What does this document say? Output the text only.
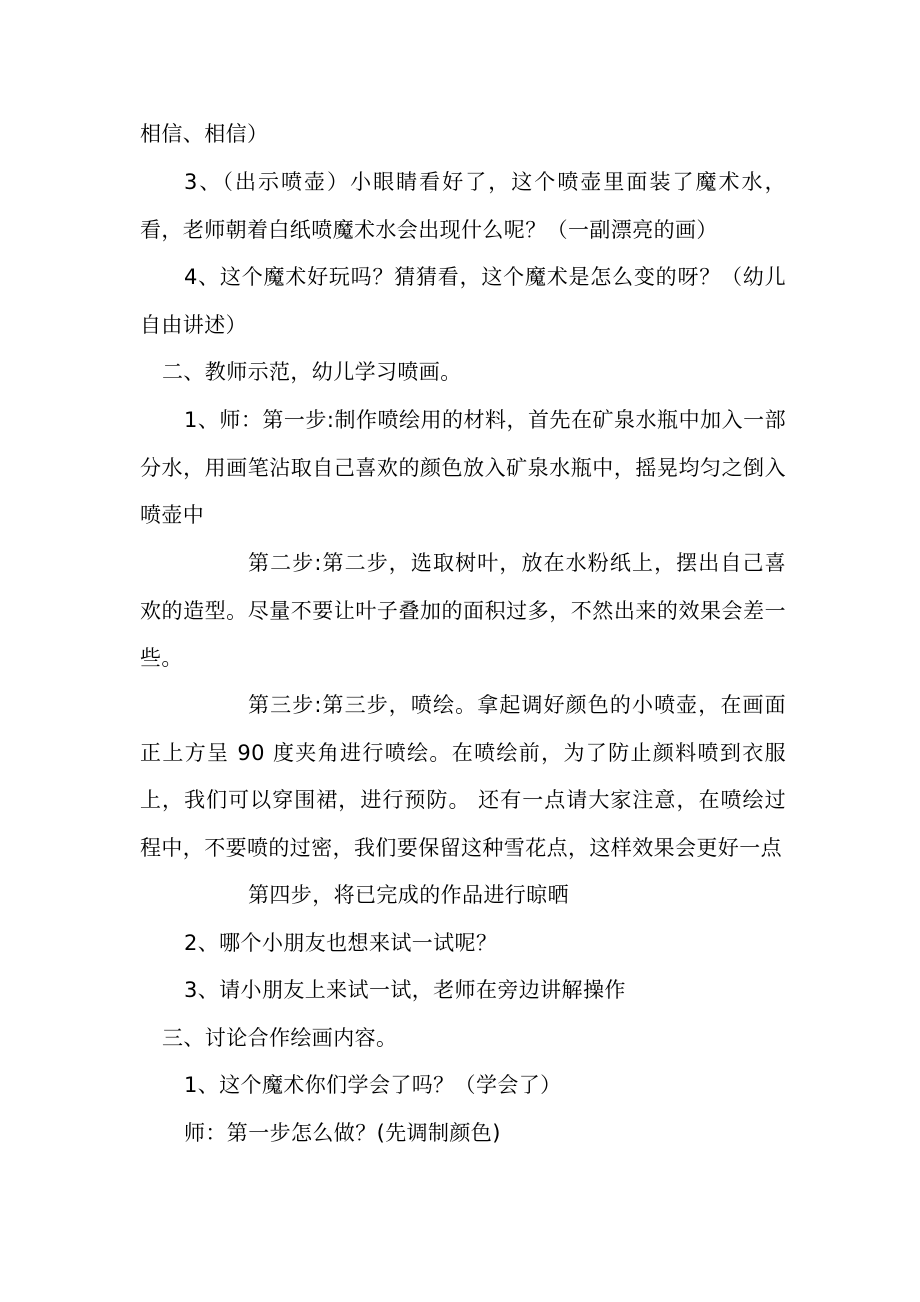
相信、相信）
3、（出示喷壶）小眼睛看好了，这个喷壶里面装了魔术水，看，老师朝着白纸喷魔术水会出现什么呢？（一副漂亮的画）
4、这个魔术好玩吗？猜猜看，这个魔术是怎么变的呀？（幼儿自由讲述）
二、教师示范，幼儿学习喷画。
1、师：第一步:制作喷绘用的材料，首先在矿泉水瓶中加入一部分水，用画笔沾取自己喜欢的颜色放入矿泉水瓶中，摇晃均匀之倒入喷壶中
第二步:第二步，选取树叶，放在水粉纸上，摆出自己喜欢的造型。尽量不要让叶子叠加的面积过多，不然出来的效果会差一些。
第三步:第三步，喷绘。拿起调好颜色的小喷壶，在画面正上方呈 90 度夹角进行喷绘。在喷绘前，为了防止颜料喷到衣服上，我们可以穿围裙，进行预防。 还有一点请大家注意，在喷绘过程中，不要喷的过密，我们要保留这种雪花点，这样效果会更好一点
第四步，将已完成的作品进行晾晒
2、哪个小朋友也想来试一试呢？
3、请小朋友上来试一试，老师在旁边讲解操作
三、讨论合作绘画内容。
1、这个魔术你们学会了吗？（学会了）
师：第一步怎么做？(先调制颜色)
